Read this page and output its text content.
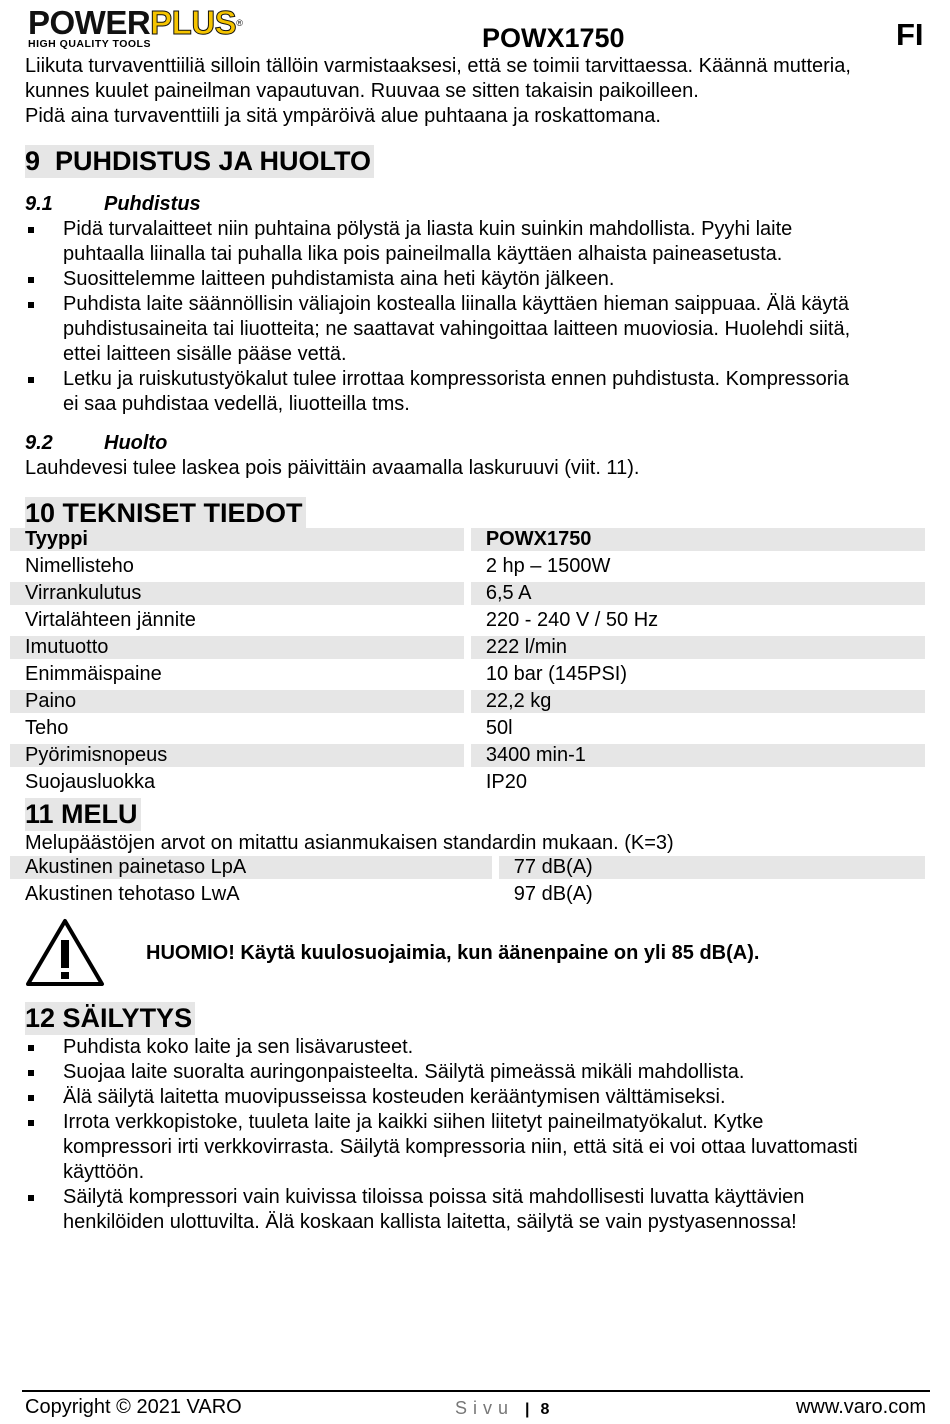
POWERPLUS®
HIGH QUALITY TOOLS	POWX1750	FI

Liikuta turvaventtiiliä silloin tällöin varmistaaksesi, että se toimii tarvittaessa. Käännä mutteria,

kunnes kuulet paineilman vapautuvan. Ruuvaa se sitten takaisin paikoilleen.

Pidä aina turvaventtiili ja sitä ympäröivä alue puhtaana ja roskattomana.

9  PUHDISTUS JA HUOLTO
9.1	Puhdistus
Pidä turvalaitteet niin puhtaina pölystä ja liasta kuin suinkin mahdollista. Pyyhi laite
puhtaalla liinalla tai puhalla lika pois paineilmalla käyttäen alhaista paineasetusta.
Suosittelemme laitteen puhdistamista aina heti käytön jälkeen.
Puhdista laite säännöllisin väliajoin kostealla liinalla käyttäen hieman saippuaa. Älä käytä
puhdistusaineita tai liuotteita; ne saattavat vahingoittaa laitteen muoviosia. Huolehdi siitä,
ettei laitteen sisälle pääse vettä.
Letku ja ruiskutustyökalut tulee irrottaa kompressorista ennen puhdistusta. Kompressoria
ei saa puhdistaa vedellä, liuotteilla tms.
9.2	Huolto

Lauhdevesi tulee laskea pois päivittäin avaamalla laskuruuvi (viit. 11).

10 TEKNISET TIEDOT
Tyyppi		POWX1750
Nimellisteho		2 hp – 1500W
Virrankulutus		6,5 A
Virtalähteen jännite		220 - 240 V / 50 Hz
Imutuotto		222 l/min
Enimmäispaine		10 bar (145PSI)
Paino		22,2 kg
Teho		50l
Pyörimisnopeus		3400 min-1
Suojausluokka		IP20
11 MELU

Melupäästöjen arvot on mitattu asianmukaisen standardin mukaan. (K=3)

Akustinen painetaso LpA		77 dB(A)
Akustinen tehotaso LwA		97 dB(A)
HUOMIO! Käytä kuulosuojaimia, kun äänenpaine on yli 85 dB(A).
12 SÄILYTYS
Puhdista koko laite ja sen lisävarusteet.
Suojaa laite suoralta auringonpaisteelta. Säilytä pimeässä mikäli mahdollista.
Älä säilytä laitetta muovipusseissa kosteuden kerääntymisen välttämiseksi.
Irrota verkkopistoke, tuuleta laite ja kaikki siihen liitetyt paineilmatyökalut. Kytke
kompressori irti verkkovirrasta. Säilytä kompressoria niin, että sitä ei voi ottaa luvattomasti
käyttöön.
Säilytä kompressori vain kuivissa tiloissa poissa sitä mahdollisesti luvatta käyttävien
henkilöiden ulottuvilta. Älä koskaan kallista laitetta, säilytä se vain pystyasennossa!
Copyright © 2021 VARO	Sivu | 8	www.varo.com
